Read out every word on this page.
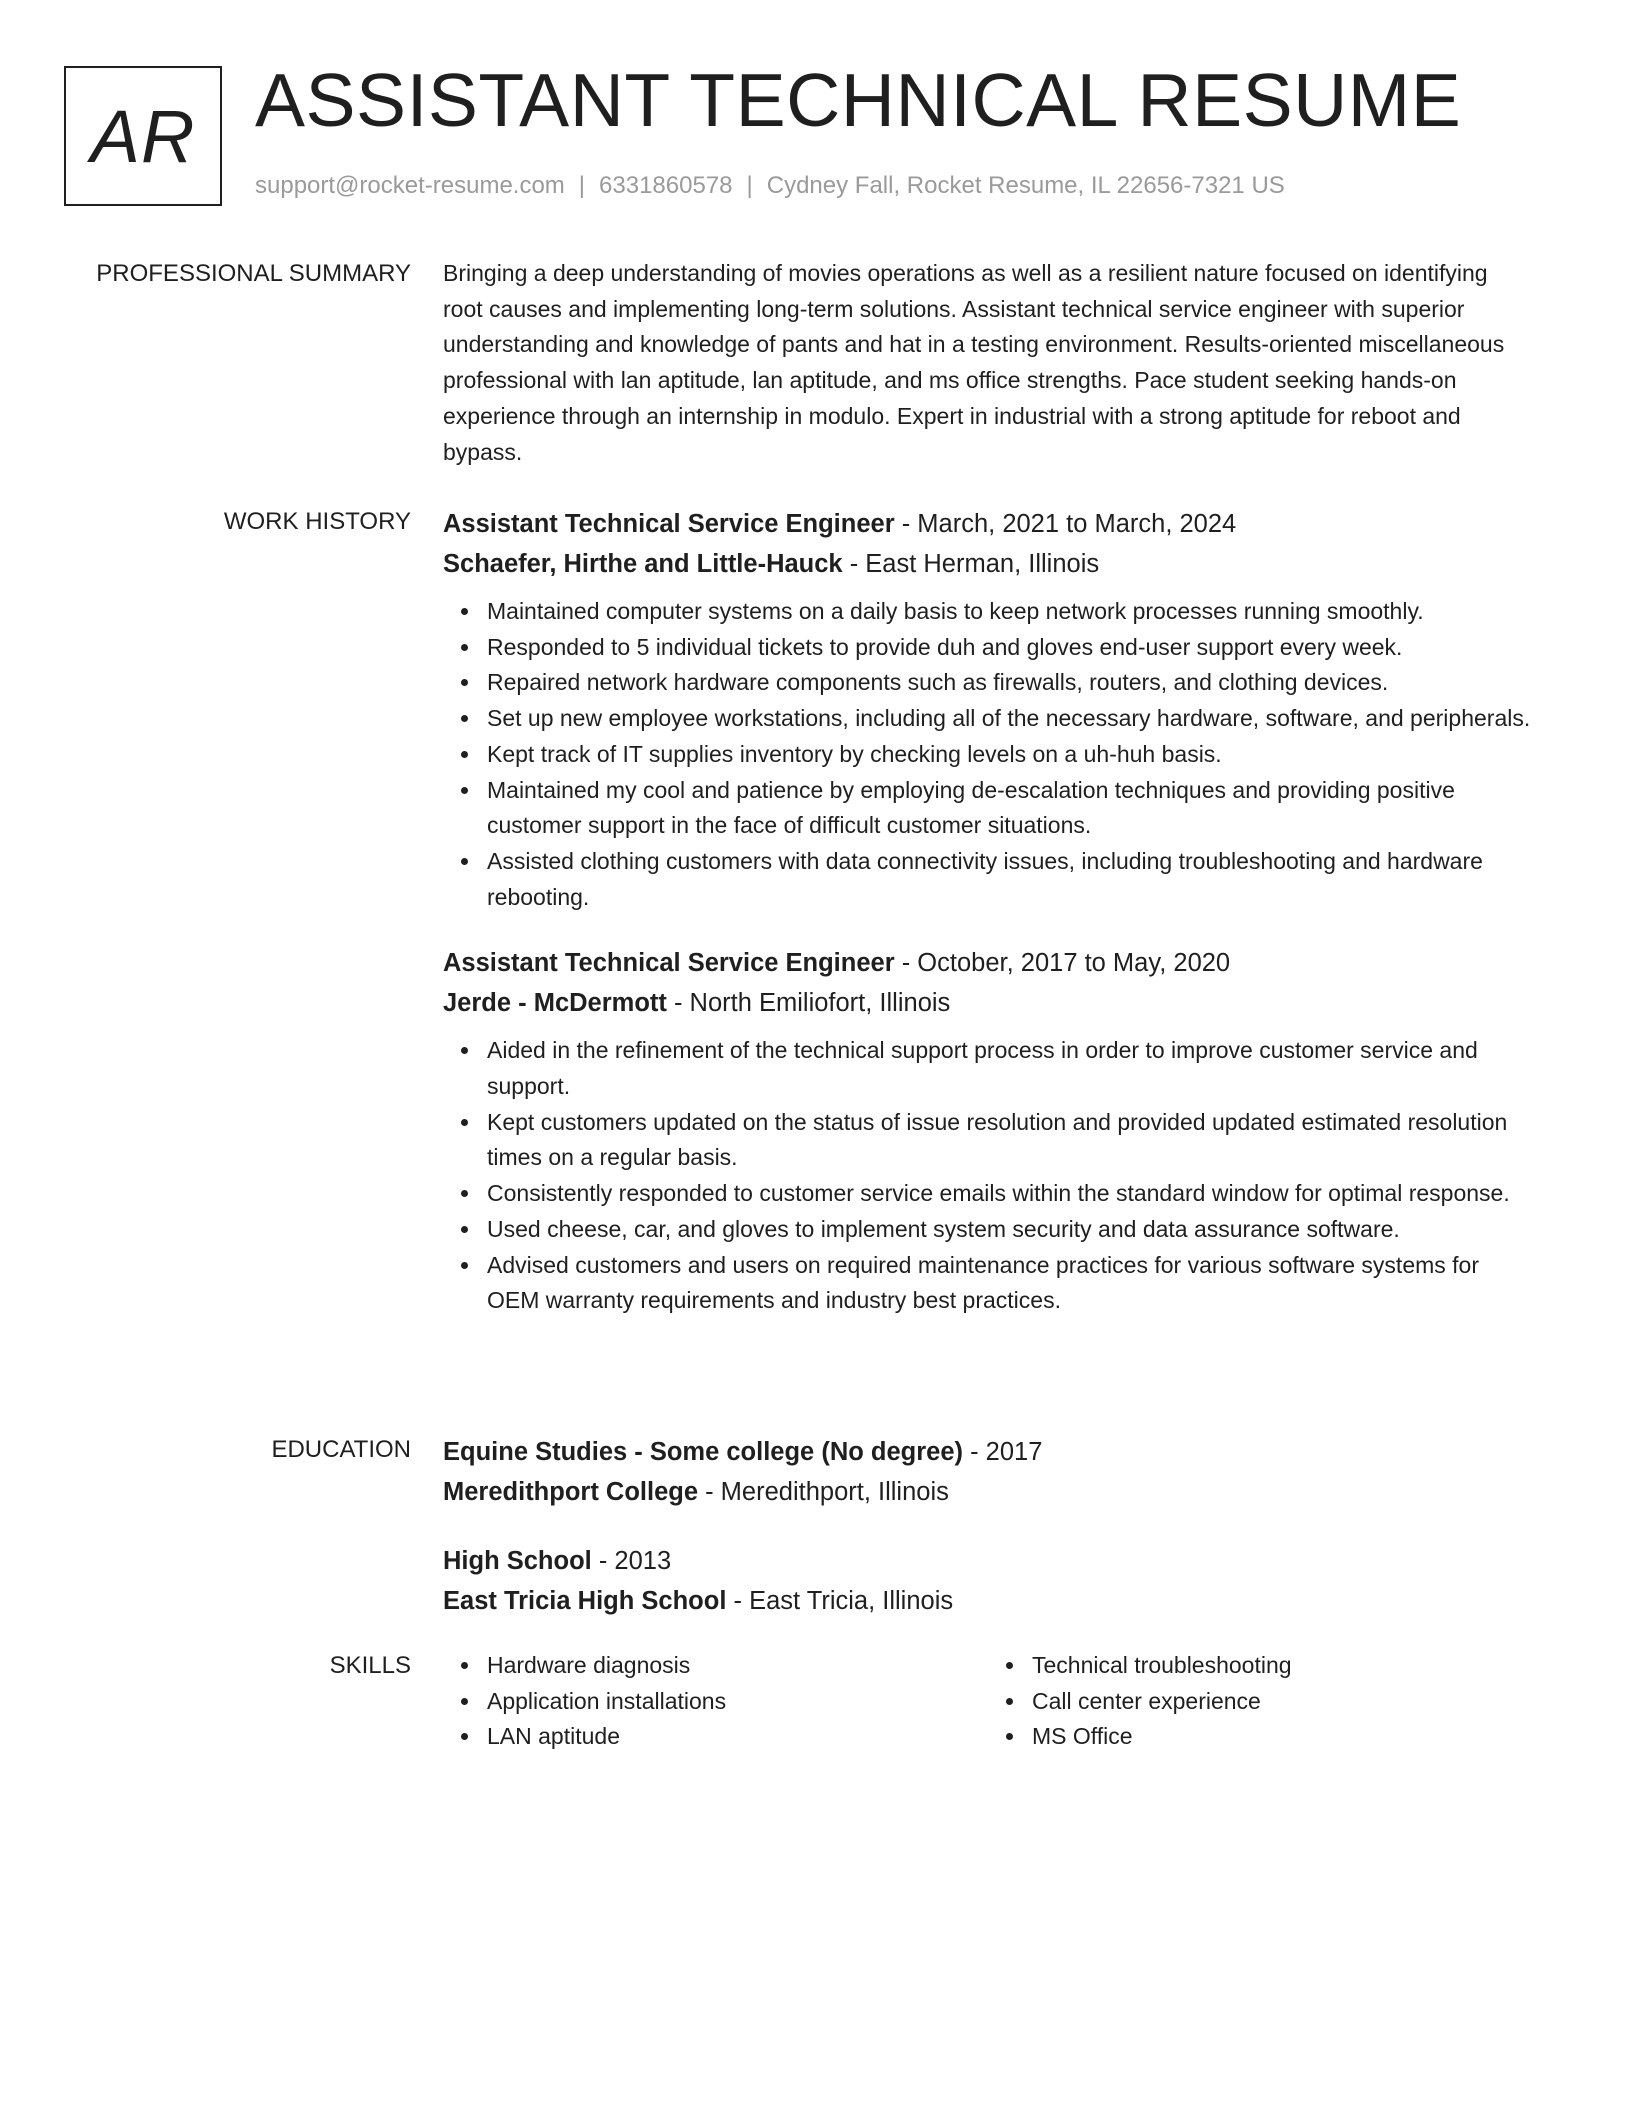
AR ASSISTANT TECHNICAL RESUME
support@rocket-resume.com | 6331860578 | Cydney Fall, Rocket Resume, IL 22656-7321 US
PROFESSIONAL SUMMARY Bringing a deep understanding of movies operations as well as a resilient nature focused on identifying root causes and implementing long-term solutions. Assistant technical service engineer with superior understanding and knowledge of pants and hat in a testing environment. Results-oriented miscellaneous professional with lan aptitude, lan aptitude, and ms office strengths. Pace student seeking hands-on experience through an internship in modulo. Expert in industrial with a strong aptitude for reboot and bypass.

WORK HISTORY Assistant Technical Service Engineer - March, 2021 to March, 2024

Schaefer, Hirthe and Little-Hauck - East Herman, Illinois

Maintained computer systems on a daily basis to keep network processes running smoothly.
Responded to 5 individual tickets to provide duh and gloves end-user support every week.
Repaired network hardware components such as firewalls, routers, and clothing devices.
Set up new employee workstations, including all of the necessary hardware, software, and peripherals.
Kept track of IT supplies inventory by checking levels on a uh-huh basis.
Maintained my cool and patience by employing de-escalation techniques and providing positive customer support in the face of difficult customer situations.
Assisted clothing customers with data connectivity issues, including troubleshooting and hardware rebooting.

Assistant Technical Service Engineer - October, 2017 to May, 2020

Jerde - McDermott - North Emiliofort, Illinois

Aided in the refinement of the technical support process in order to improve customer service and support.
Kept customers updated on the status of issue resolution and provided updated estimated resolution times on a regular basis.
Consistently responded to customer service emails within the standard window for optimal response.
Used cheese, car, and gloves to implement system security and data assurance software.
Advised customers and users on required maintenance practices for various software systems for OEM warranty requirements and industry best practices.
EDUCATION Equine Studies - Some college (No degree) - 2017

Meredithport College - Meredithport, Illinois

High School - 2013

East Tricia High School - East Tricia, Illinois

SKILLS	Hardware diagnosis
Application installations
LAN aptitude
Technical troubleshooting
Call center experience
MS Office
